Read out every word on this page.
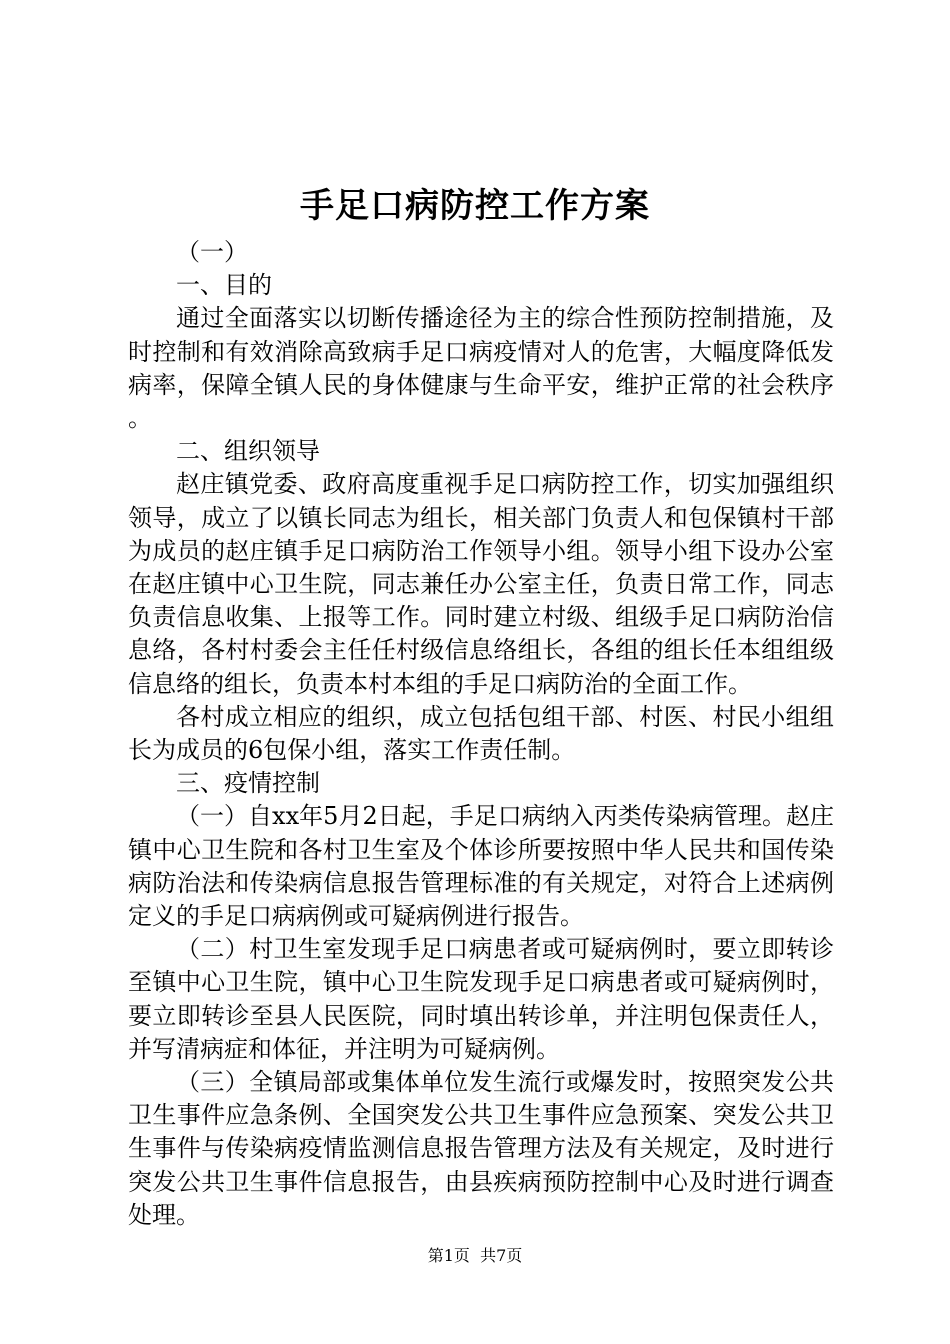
手足口病防控工作方案

（一）

一、目的

通过全面落实以切断传播途径为主的综合性预防控制措施，及时控制和有效消除高致病手足口病疫情对人的危害，大幅度降低发病率，保障全镇人民的身体健康与生命平安，维护正常的社会秩序。

二、组织领导

赵庄镇党委、政府高度重视手足口病防控工作，切实加强组织领导，成立了以镇长同志为组长，相关部门负责人和包保镇村干部为成员的赵庄镇手足口病防治工作领导小组。领导小组下设办公室在赵庄镇中心卫生院，同志兼任办公室主任，负责日常工作，同志负责信息收集、上报等工作。同时建立村级、组级手足口病防治信息络，各村村委会主任任村级信息络组长，各组的组长任本组组级信息络的组长，负责本村本组的手足口病防治的全面工作。

各村成立相应的组织，成立包括包组干部、村医、村民小组组长为成员的6包保小组，落实工作责任制。

三、疫情控制

（一）自xx年5月2日起，手足口病纳入丙类传染病管理。赵庄镇中心卫生院和各村卫生室及个体诊所要按照中华人民共和国传染病防治法和传染病信息报告管理标准的有关规定，对符合上述病例定义的手足口病病例或可疑病例进行报告。

（二）村卫生室发现手足口病患者或可疑病例时，要立即转诊至镇中心卫生院，镇中心卫生院发现手足口病患者或可疑病例时，要立即转诊至县人民医院，同时填出转诊单，并注明包保责任人，并写清病症和体征，并注明为可疑病例。

（三）全镇局部或集体单位发生流行或爆发时，按照突发公共卫生事件应急条例、全国突发公共卫生事件应急预案、突发公共卫生事件与传染病疫情监测信息报告管理方法及有关规定，及时进行突发公共卫生事件信息报告，由县疾病预防控制中心及时进行调查处理。

第1页 共7页
